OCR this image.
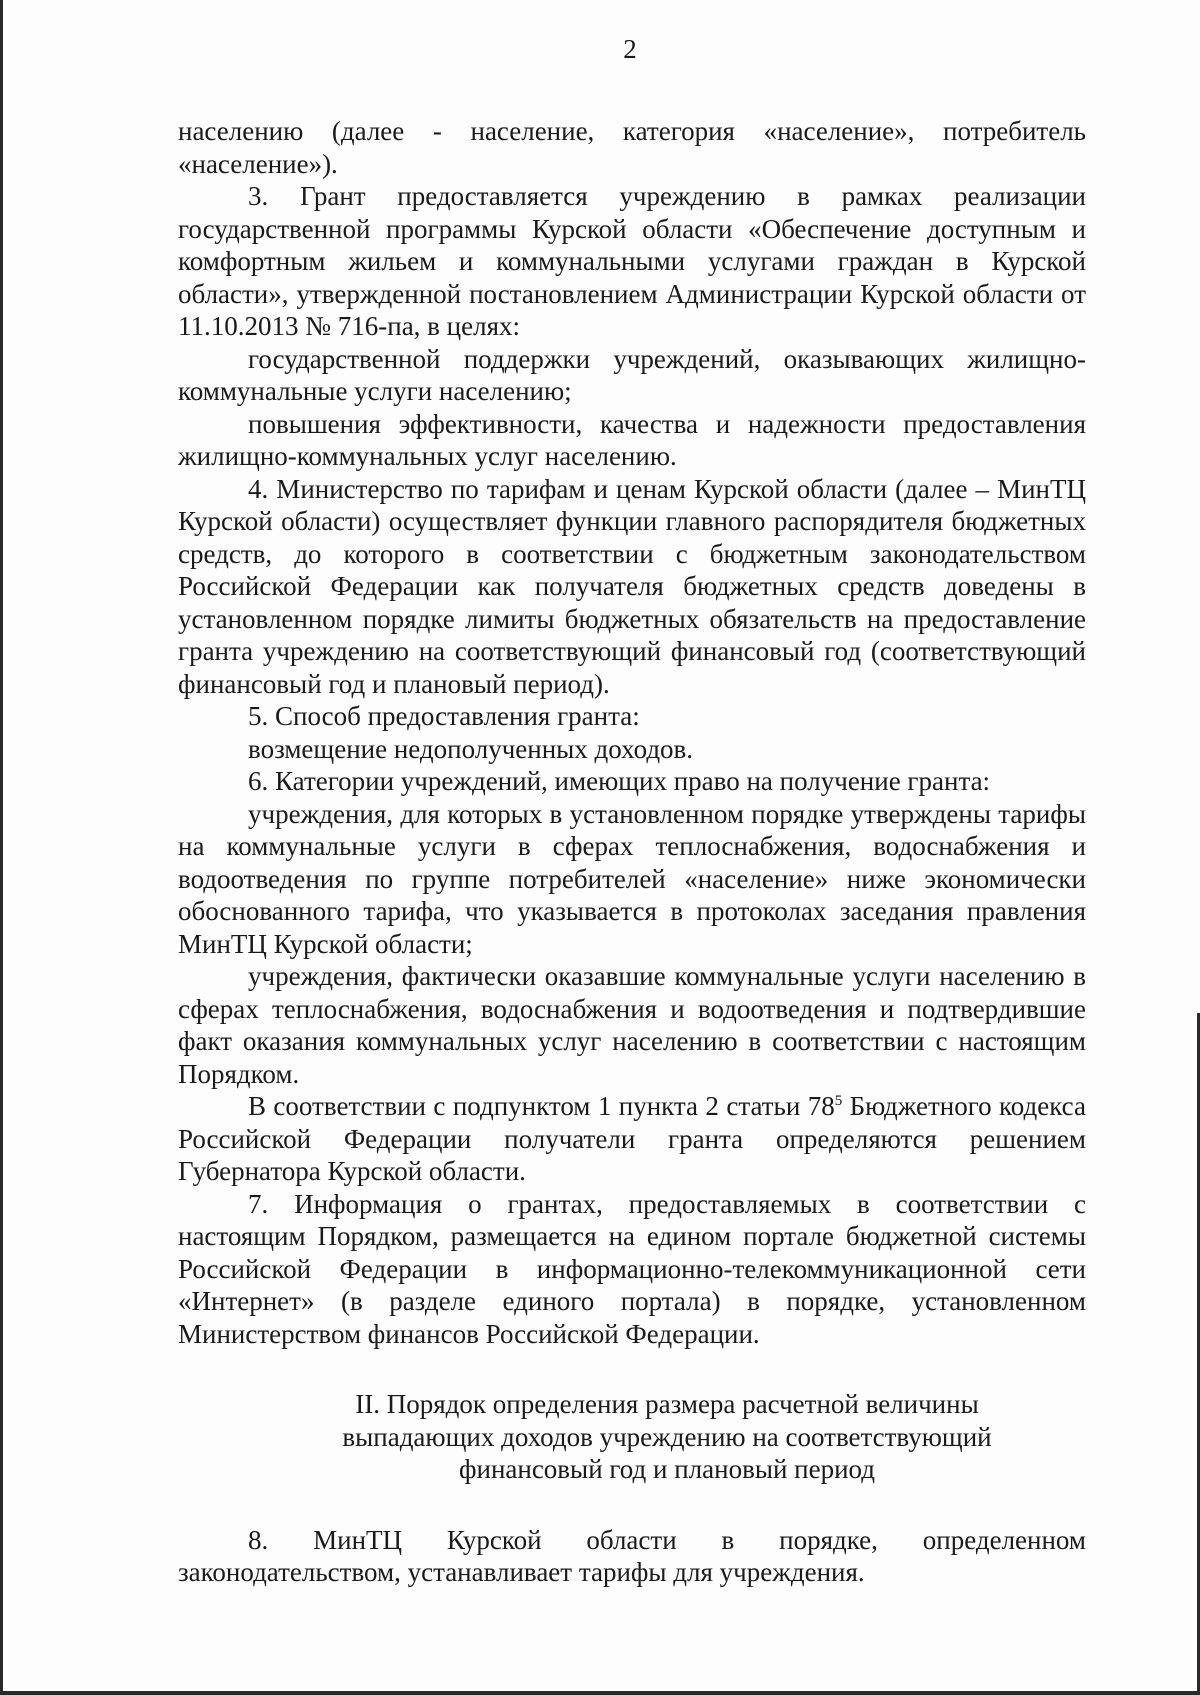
2

населению (далее - население, категория «население», потребитель «население»).

3. Грант предоставляется учреждению в рамках реализации государственной программы Курской области «Обеспечение доступным и комфортным жильем и коммунальными услугами граждан в Курской области», утвержденной постановлением Администрации Курской области от 11.10.2013 № 716-па, в целях:

государственной поддержки учреждений, оказывающих жилищно-коммунальные услуги населению;

повышения эффективности, качества и надежности предоставления жилищно-коммунальных услуг населению.

4. Министерство по тарифам и ценам Курской области (далее – МинТЦ Курской области) осуществляет функции главного распорядителя бюджетных средств, до которого в соответствии с бюджетным законодательством Российской Федерации как получателя бюджетных средств доведены в установленном порядке лимиты бюджетных обязательств на предоставление гранта учреждению на соответствующий финансовый год (соответствующий финансовый год и плановый период).

5. Способ предоставления гранта:

возмещение недополученных доходов.

6. Категории учреждений, имеющих право на получение гранта:

учреждения, для которых в установленном порядке утверждены тарифы на коммунальные услуги в сферах теплоснабжения, водоснабжения и водоотведения по группе потребителей «население» ниже экономически обоснованного тарифа, что указывается в протоколах заседания правления МинТЦ Курской области;

учреждения, фактически оказавшие коммунальные услуги населению в сферах теплоснабжения, водоснабжения и водоотведения и подтвердившие факт оказания коммунальных услуг населению в соответствии с настоящим Порядком.

В соответствии с подпунктом 1 пункта 2 статьи $78^5$ Бюджетного кодекса Российской Федерации получатели гранта определяются решением Губернатора Курской области.

7. Информация о грантах, предоставляемых в соответствии с настоящим Порядком, размещается на едином портале бюджетной системы Российской Федерации в информационно-телекоммуникационной сети «Интернет» (в разделе единого портала) в порядке, установленном Министерством финансов Российской Федерации.

II. Порядок определения размера расчетной величины
выпадающих доходов учреждению на соответствующий
финансовый год и плановый период

8. МинТЦ Курской области в порядке, определенном законодательством, устанавливает тарифы для учреждения.
